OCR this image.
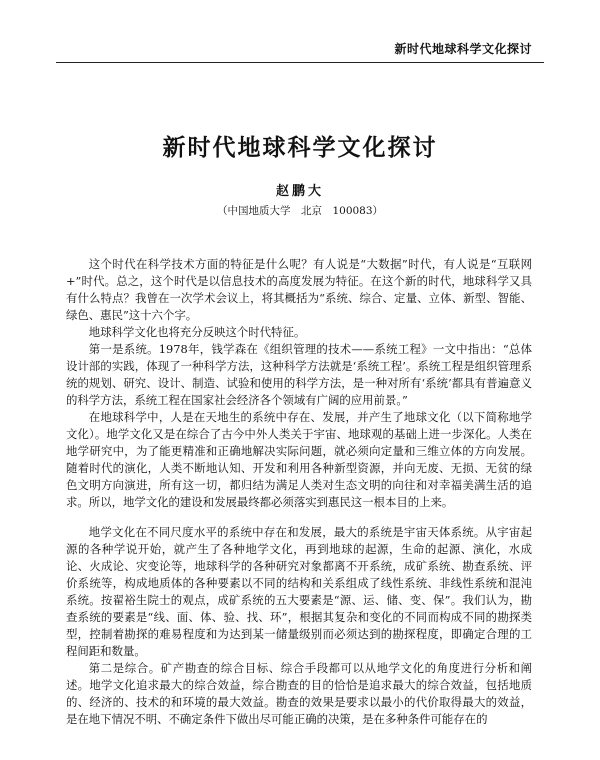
新时代地球科学文化探讨
新时代地球科学文化探讨
赵鹏大
（中国地质大学　北京　100083）

这个时代在科学技术方面的特征是什么呢？有人说是“大数据”时代，有人说是“互联网+”时代。总之，这个时代是以信息技术的高度发展为特征。在这个新的时代，地球科学又具有什么特点？我曾在一次学术会议上，将其概括为“系统、综合、定量、立体、新型、智能、绿色、惠民”这十六个字。

地球科学文化也将充分反映这个时代特征。

第一是系统。1978年，钱学森在《组织管理的技术——系统工程》一文中指出：“总体设计部的实践，体现了一种科学方法，这种科学方法就是‘系统工程’。系统工程是组织管理系统的规划、研究、设计、制造、试验和使用的科学方法，是一种对所有‘系统’都具有普遍意义的科学方法，系统工程在国家社会经济各个领域有广阔的应用前景。”

在地球科学中，人是在天地生的系统中存在、发展，并产生了地球文化（以下简称地学文化）。地学文化又是在综合了古今中外人类关于宇宙、地球观的基础上进一步深化。人类在地学研究中，为了能更精准和正确地解决实际问题，就必须向定量和三维立体的方向发展。随着时代的演化，人类不断地认知、开发和利用各种新型资源，并向无废、无损、无贫的绿色文明方向演进，所有这一切，都归结为满足人类对生态文明的向往和对幸福美满生活的追求。所以，地学文化的建设和发展最终都必须落实到惠民这一根本目的上来。

地学文化在不同尺度水平的系统中存在和发展，最大的系统是宇宙天体系统。从宇宙起源的各种学说开始，就产生了各种地学文化，再到地球的起源，生命的起源、演化，水成论、火成论、灾变论等，地球科学的各种研究对象都离不开系统，成矿系统、勘查系统、评价系统等，构成地质体的各种要素以不同的结构和关系组成了线性系统、非线性系统和混沌系统。按翟裕生院士的观点，成矿系统的五大要素是“源、运、储、变、保”。我们认为，勘查系统的要素是“线、面、体、验、找、环”，根据其复杂和变化的不同而构成不同的勘探类型，控制着勘探的难易程度和为达到某一储量级别而必须达到的勘探程度，即确定合理的工程间距和数量。

第二是综合。矿产勘查的综合目标、综合手段都可以从地学文化的角度进行分析和阐述。地学文化追求最大的综合效益，综合勘查的目的恰恰是追求最大的综合效益，包括地质的、经济的、技术的和环境的最大效益。勘查的效果是要求以最小的代价取得最大的效益，是在地下情况不明、不确定条件下做出尽可能正确的决策，是在多种条件可能存在的
